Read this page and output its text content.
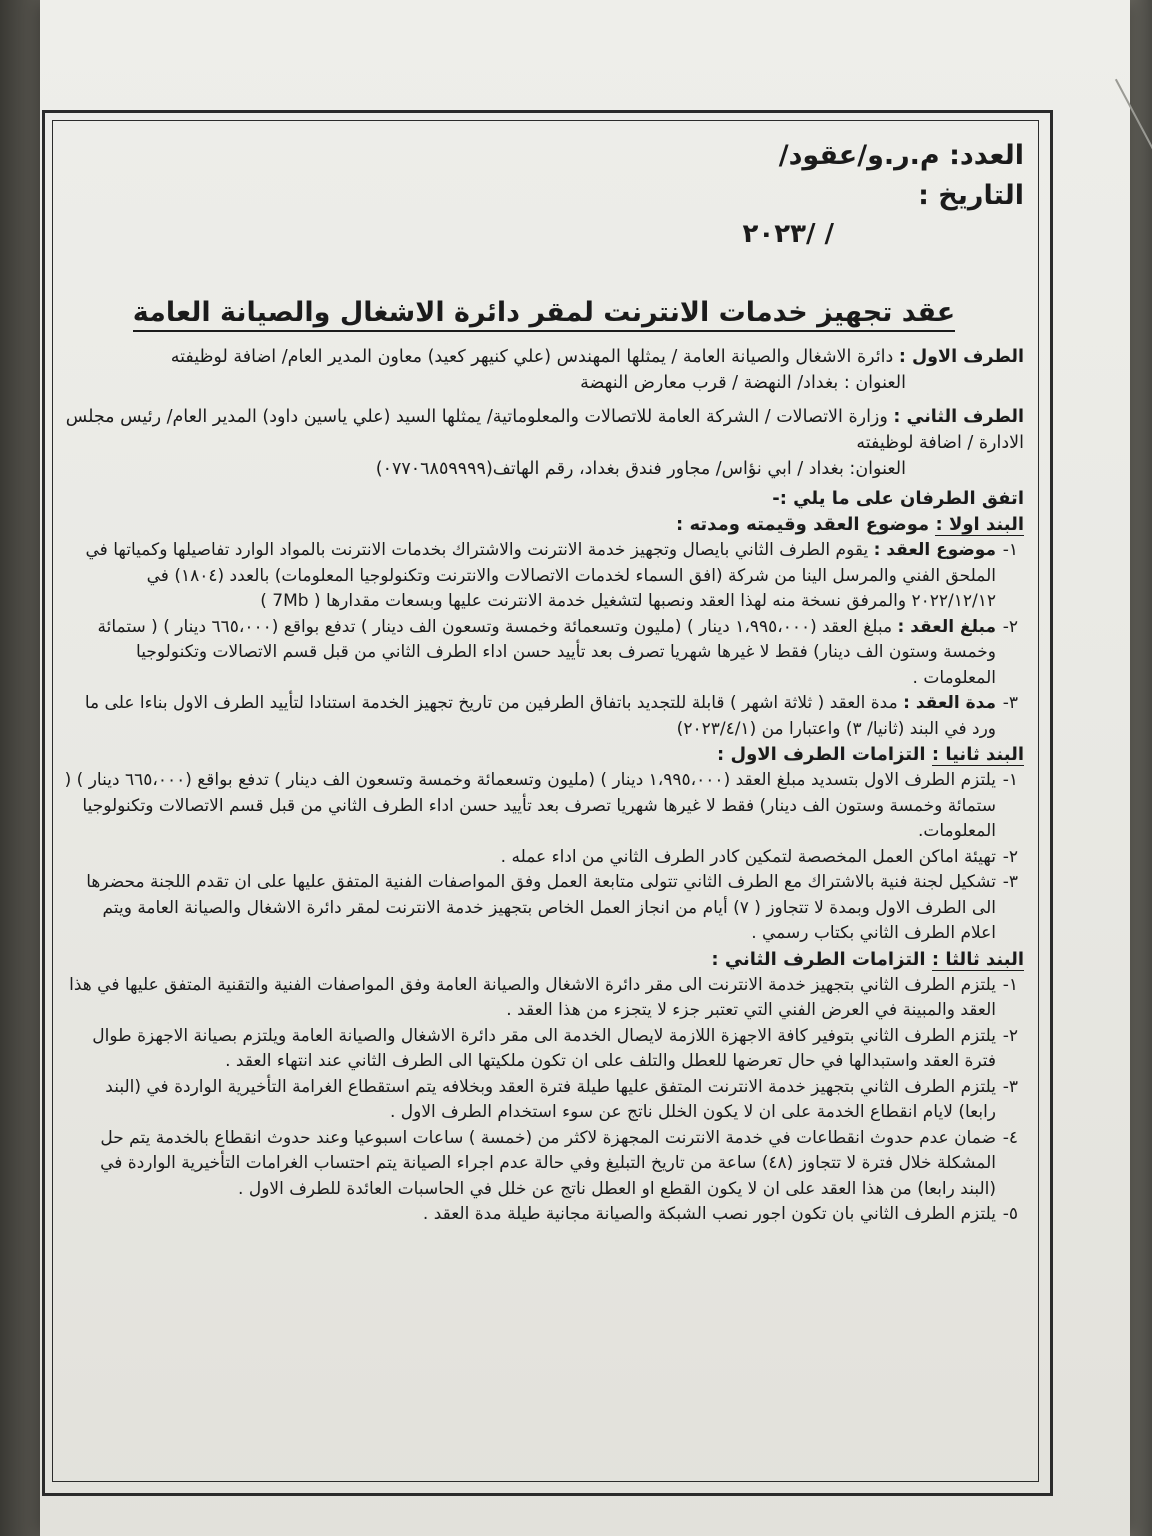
العدد: م.ر.و/عقود/
التاريخ :
/ /٢٠٢٣
عقد تجهيز خدمات الانترنت لمقر دائرة الاشغال والصيانة العامة
الطرف الاول : دائرة الاشغال والصيانة العامة / يمثلها المهندس (علي كنيهر كعيد) معاون المدير العام/ اضافة لوظيفته
العنوان : بغداد/ النهضة / قرب معارض النهضة
الطرف الثاني : وزارة الاتصالات / الشركة العامة للاتصالات والمعلوماتية/ يمثلها السيد (علي ياسين داود) المدير العام/ رئيس مجلس الادارة / اضافة لوظيفته
العنوان: بغداد / ابي نؤاس/ مجاور فندق بغداد، رقم الهاتف(٠٧٧٠٦٨٥٩٩٩٩)
اتفق الطرفان على ما يلي :-
البند اولا : موضوع العقد وقيمته ومدته :
١-
موضوع العقد : يقوم الطرف الثاني بايصال وتجهيز خدمة الانترنت والاشتراك بخدمات الانترنت بالمواد الوارد تفاصيلها وكمياتها في الملحق الفني والمرسل الينا من شركة (افق السماء لخدمات الاتصالات والانترنت وتكنولوجيا المعلومات) بالعدد (١٨٠٤) في ٢٠٢٢/١٢/١٢ والمرفق نسخة منه لهذا العقد ونصبها لتشغيل خدمة الانترنت عليها وبسعات مقدارها ( 7Mb )
٢-
مبلغ العقد : مبلغ العقد (١،٩٩٥،٠٠٠ دينار ) (مليون وتسعمائة وخمسة وتسعون الف دينار ) تدفع بواقع (٦٦٥،٠٠٠ دينار ) ( ستمائة وخمسة وستون الف دينار) فقط لا غيرها شهريا تصرف بعد تأييد حسن اداء الطرف الثاني من قبل قسم الاتصالات وتكنولوجيا المعلومات .
٣-
مدة العقد : مدة العقد ( ثلاثة اشهر ) قابلة للتجديد باتفاق الطرفين من تاريخ تجهيز الخدمة استنادا لتأييد الطرف الاول بناءا على ما ورد في البند (ثانيا/ ٣) واعتبارا من (٢٠٢٣/٤/١)
البند ثانيا : التزامات الطرف الاول :
١-
يلتزم الطرف الاول بتسديد مبلغ العقد (١،٩٩٥،٠٠٠ دينار ) (مليون وتسعمائة وخمسة وتسعون الف دينار ) تدفع بواقع (٦٦٥،٠٠٠ دينار ) ( ستمائة وخمسة وستون الف دينار) فقط لا غيرها شهريا تصرف بعد تأييد حسن اداء الطرف الثاني من قبل قسم الاتصالات وتكنولوجيا المعلومات.
٢-
تهيئة اماكن العمل المخصصة لتمكين كادر الطرف الثاني من اداء عمله .
٣-
تشكيل لجنة فنية بالاشتراك مع الطرف الثاني تتولى متابعة العمل وفق المواصفات الفنية المتفق عليها على ان تقدم اللجنة محضرها الى الطرف الاول وبمدة لا تتجاوز ( ٧) أيام من انجاز العمل الخاص بتجهيز خدمة الانترنت لمقر دائرة الاشغال والصيانة العامة ويتم اعلام الطرف الثاني بكتاب رسمي .
البند ثالثا : التزامات الطرف الثاني :
١-
يلتزم الطرف الثاني بتجهيز خدمة الانترنت الى مقر دائرة الاشغال والصيانة العامة وفق المواصفات الفنية والتقنية المتفق عليها في هذا العقد والمبينة في العرض الفني التي تعتبر جزء لا يتجزء من هذا العقد .
٢-
يلتزم الطرف الثاني بتوفير كافة الاجهزة اللازمة لايصال الخدمة الى مقر دائرة الاشغال والصيانة العامة ويلتزم بصيانة الاجهزة طوال فترة العقد واستبدالها في حال تعرضها للعطل والتلف على ان تكون ملكيتها الى الطرف الثاني عند انتهاء العقد .
٣-
يلتزم الطرف الثاني بتجهيز خدمة الانترنت المتفق عليها طيلة فترة العقد وبخلافه يتم استقطاع الغرامة التأخيرية الواردة في (البند رابعا) لايام انقطاع الخدمة على ان لا يكون الخلل ناتج عن سوء استخدام الطرف الاول .
٤-
ضمان عدم حدوث انقطاعات في خدمة الانترنت المجهزة لاكثر من (خمسة ) ساعات اسبوعيا وعند حدوث انقطاع بالخدمة يتم حل المشكلة خلال فترة لا تتجاوز (٤٨) ساعة من تاريخ التبليغ وفي حالة عدم اجراء الصيانة يتم احتساب الغرامات التأخيرية الواردة في (البند رابعا) من هذا العقد على ان لا يكون القطع او العطل ناتج عن خلل في الحاسبات العائدة للطرف الاول .
٥-
يلتزم الطرف الثاني بان تكون اجور نصب الشبكة والصيانة مجانية طيلة مدة العقد .
